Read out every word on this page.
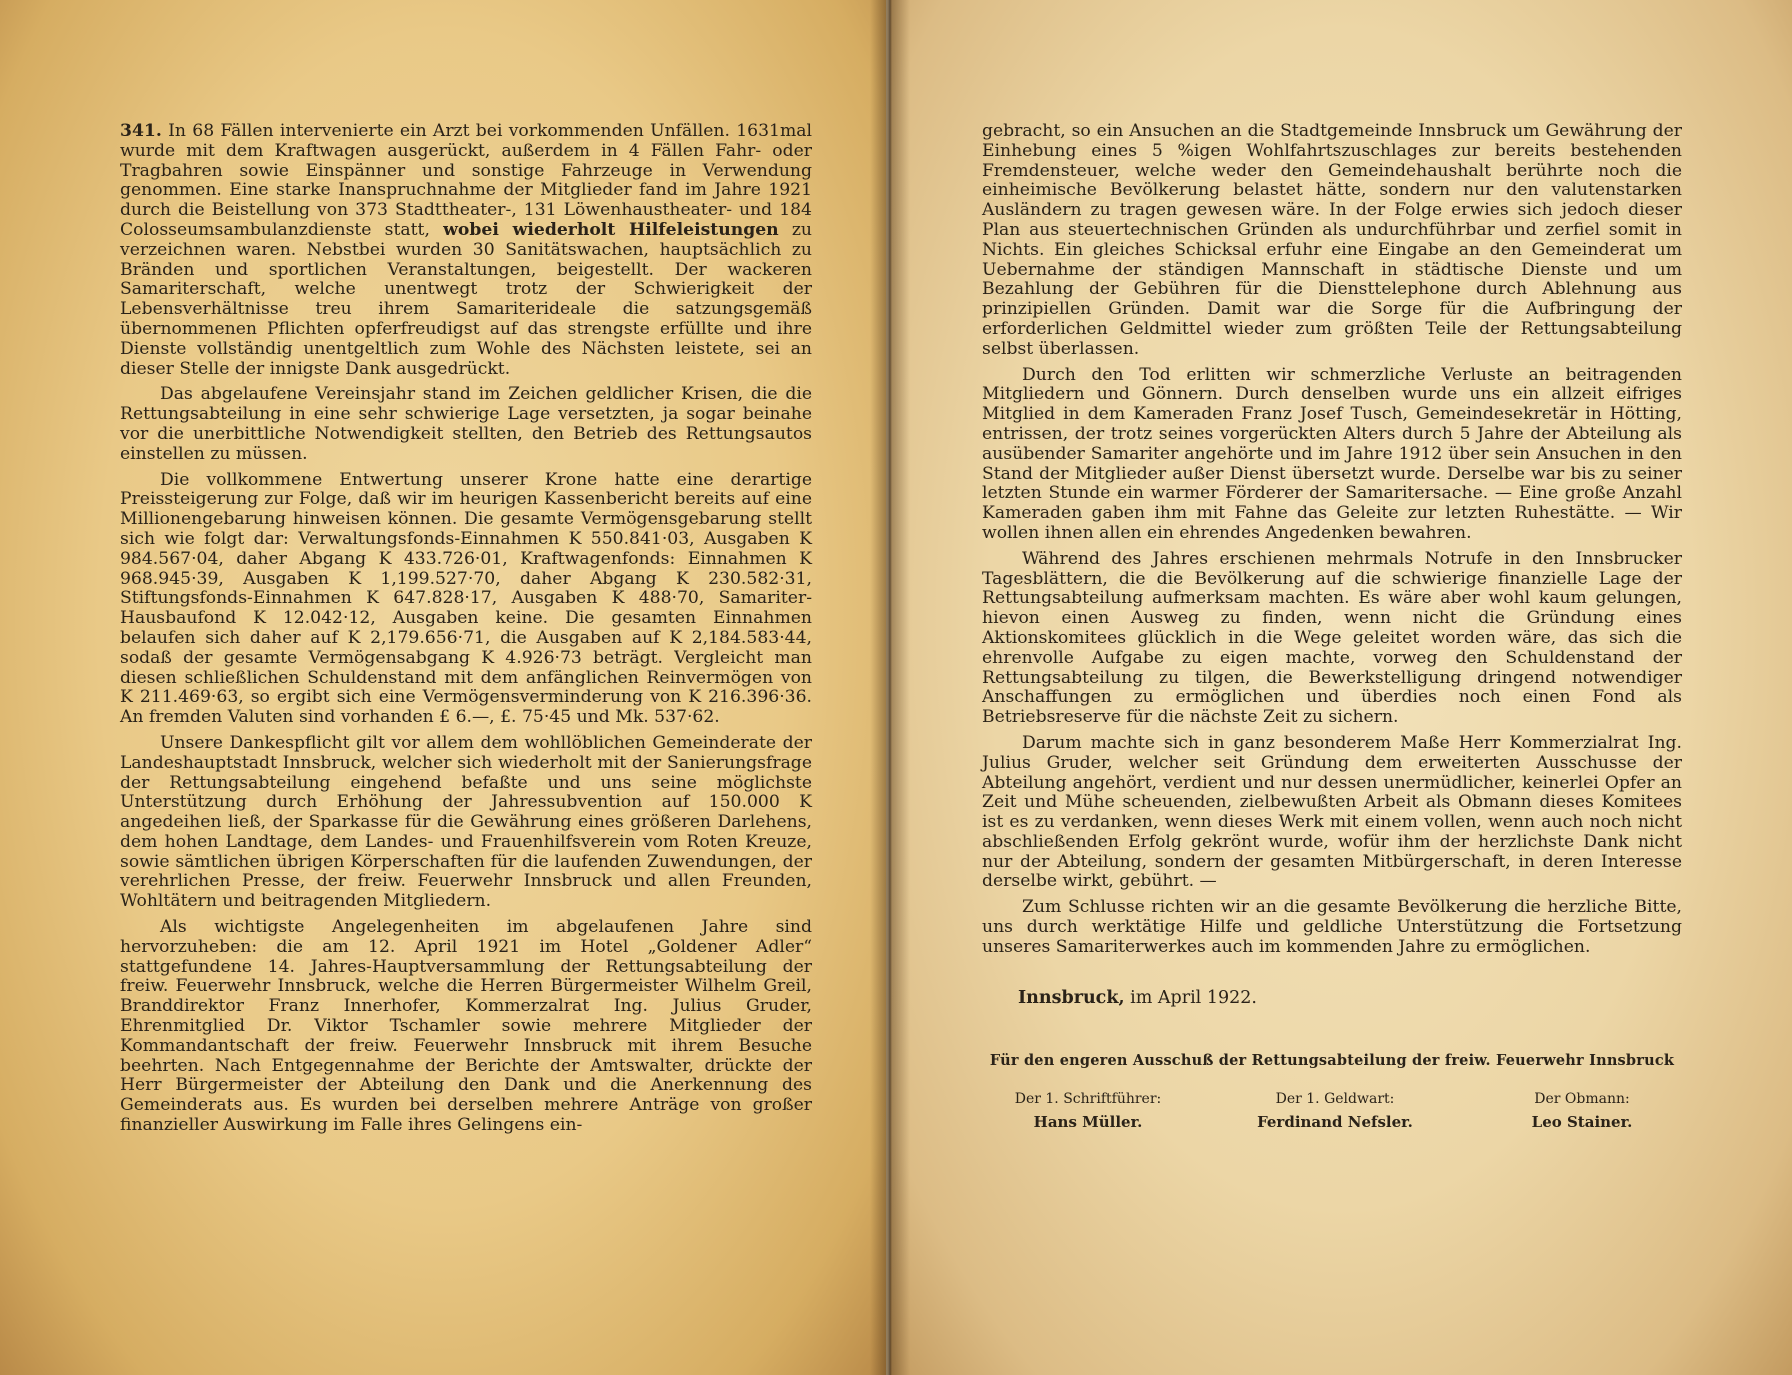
341. In 68 Fällen intervenierte ein Arzt bei vorkommenden Unfällen. 1631mal wurde mit dem Kraftwagen ausgerückt, außerdem in 4 Fällen Fahr- oder Tragbahren sowie Einspänner und sonstige Fahrzeuge in Verwendung genommen. Eine starke Inanspruchnahme der Mitglieder fand im Jahre 1921 durch die Beistellung von 373 Stadttheater-, 131 Löwenhaustheater- und 184 Colosseumsambulanzdienste statt, wobei wiederholt Hilfeleistungen zu verzeichnen waren. Nebstbei wurden 30 Sanitätswachen, hauptsächlich zu Bränden und sportlichen Veranstaltungen, beigestellt. Der wackeren Samariterschaft, welche unentwegt trotz der Schwierigkeit der Lebensverhältnisse treu ihrem Samariterideale die satzungsgemäß übernommenen Pflichten opferfreudigst auf das strengste erfüllte und ihre Dienste vollständig unentgeltlich zum Wohle des Nächsten leistete, sei an dieser Stelle der innigste Dank ausgedrückt.

Das abgelaufene Vereinsjahr stand im Zeichen geldlicher Krisen, die die Rettungsabteilung in eine sehr schwierige Lage versetzten, ja sogar beinahe vor die unerbittliche Notwendigkeit stellten, den Betrieb des Rettungsautos einstellen zu müssen.

Die vollkommene Entwertung unserer Krone hatte eine derartige Preissteigerung zur Folge, daß wir im heurigen Kassenbericht bereits auf eine Millionengebarung hinweisen können. Die gesamte Vermögensgebarung stellt sich wie folgt dar: Verwaltungsfonds-Einnahmen K 550.841·03, Ausgaben K 984.567·04, daher Abgang K 433.726·01, Kraftwagenfonds: Einnahmen K 968.945·39, Ausgaben K 1,199.527·70, daher Abgang K 230.582·31, Stiftungsfonds-Einnahmen K 647.828·17, Ausgaben K 488·70, Samariter-Hausbaufond K 12.042·12, Ausgaben keine. Die gesamten Einnahmen belaufen sich daher auf K 2,179.656·71, die Ausgaben auf K 2,184.583·44, sodaß der gesamte Vermögensabgang K 4.926·73 beträgt. Vergleicht man diesen schließlichen Schuldenstand mit dem anfänglichen Reinvermögen von K 211.469·63, so ergibt sich eine Vermögensverminderung von K 216.396·36. An fremden Valuten sind vorhanden £ 6.—, £. 75·45 und Mk. 537·62.

Unsere Dankespflicht gilt vor allem dem wohllöblichen Gemeinderate der Landeshauptstadt Innsbruck, welcher sich wiederholt mit der Sanierungsfrage der Rettungsabteilung eingehend befaßte und uns seine möglichste Unterstützung durch Erhöhung der Jahressubvention auf 150.000 K angedeihen ließ, der Sparkasse für die Gewährung eines größeren Darlehens, dem hohen Landtage, dem Landes- und Frauenhilfsverein vom Roten Kreuze, sowie sämtlichen übrigen Körperschaften für die laufenden Zuwendungen, der verehrlichen Presse, der freiw. Feuerwehr Innsbruck und allen Freunden, Wohltätern und beitragenden Mitgliedern.

Als wichtigste Angelegenheiten im abgelaufenen Jahre sind hervorzuheben: die am 12. April 1921 im Hotel „Goldener Adler“ stattgefundene 14. Jahres-Hauptversammlung der Rettungsabteilung der freiw. Feuerwehr Innsbruck, welche die Herren Bürgermeister Wilhelm Greil, Branddirektor Franz Innerhofer, Kommerzalrat Ing. Julius Gruder, Ehrenmitglied Dr. Viktor Tschamler sowie mehrere Mitglieder der Kommandantschaft der freiw. Feuerwehr Innsbruck mit ihrem Besuche beehrten. Nach Entgegennahme der Berichte der Amtswalter, drückte der Herr Bürgermeister der Abteilung den Dank und die Anerkennung des Gemeinderats aus. Es wurden bei derselben mehrere Anträge von großer finanzieller Auswirkung im Falle ihres Gelingens ein-

gebracht, so ein Ansuchen an die Stadtgemeinde Innsbruck um Gewährung der Einhebung eines 5 %igen Wohlfahrtszuschlages zur bereits bestehenden Fremdensteuer, welche weder den Gemeindehaushalt berührte noch die einheimische Bevölkerung belastet hätte, sondern nur den valutenstarken Ausländern zu tragen gewesen wäre. In der Folge erwies sich jedoch dieser Plan aus steuertechnischen Gründen als undurchführbar und zerfiel somit in Nichts. Ein gleiches Schicksal erfuhr eine Eingabe an den Gemeinderat um Uebernahme der ständigen Mannschaft in städtische Dienste und um Bezahlung der Gebühren für die Diensttelephone durch Ablehnung aus prinzipiellen Gründen. Damit war die Sorge für die Aufbringung der erforderlichen Geldmittel wieder zum größten Teile der Rettungsabteilung selbst überlassen.

Durch den Tod erlitten wir schmerzliche Verluste an beitragenden Mitgliedern und Gönnern. Durch denselben wurde uns ein allzeit eifriges Mitglied in dem Kameraden Franz Josef Tusch, Gemeindesekretär in Hötting, entrissen, der trotz seines vorgerückten Alters durch 5 Jahre der Abteilung als ausübender Samariter angehörte und im Jahre 1912 über sein Ansuchen in den Stand der Mitglieder außer Dienst übersetzt wurde. Derselbe war bis zu seiner letzten Stunde ein warmer Förderer der Samaritersache. — Eine große Anzahl Kameraden gaben ihm mit Fahne das Geleite zur letzten Ruhestätte. — Wir wollen ihnen allen ein ehrendes Angedenken bewahren.

Während des Jahres erschienen mehrmals Notrufe in den Innsbrucker Tagesblättern, die die Bevölkerung auf die schwierige finanzielle Lage der Rettungsabteilung aufmerksam machten. Es wäre aber wohl kaum gelungen, hievon einen Ausweg zu finden, wenn nicht die Gründung eines Aktionskomitees glücklich in die Wege geleitet worden wäre, das sich die ehrenvolle Aufgabe zu eigen machte, vorweg den Schuldenstand der Rettungsabteilung zu tilgen, die Bewerkstelligung dringend notwendiger Anschaffungen zu ermöglichen und überdies noch einen Fond als Betriebsreserve für die nächste Zeit zu sichern.

Darum machte sich in ganz besonderem Maße Herr Kommerzialrat Ing. Julius Gruder, welcher seit Gründung dem erweiterten Ausschusse der Abteilung angehört, verdient und nur dessen unermüdlicher, keinerlei Opfer an Zeit und Mühe scheuenden, zielbewußten Arbeit als Obmann dieses Komitees ist es zu verdanken, wenn dieses Werk mit einem vollen, wenn auch noch nicht abschließenden Erfolg gekrönt wurde, wofür ihm der herzlichste Dank nicht nur der Abteilung, sondern der gesamten Mitbürgerschaft, in deren Interesse derselbe wirkt, gebührt. —

Zum Schlusse richten wir an die gesamte Bevölkerung die herzliche Bitte, uns durch werktätige Hilfe und geldliche Unterstützung die Fortsetzung unseres Samariterwerkes auch im kommenden Jahre zu ermöglichen.

Innsbruck, im April 1922.
Für den engeren Ausschuß der Rettungsabteilung der freiw. Feuerwehr Innsbruck
Der 1. Schriftführer:
Hans Müller.
Der 1. Geldwart:
Ferdinand Nefsler.
Der Obmann:
Leo Stainer.
